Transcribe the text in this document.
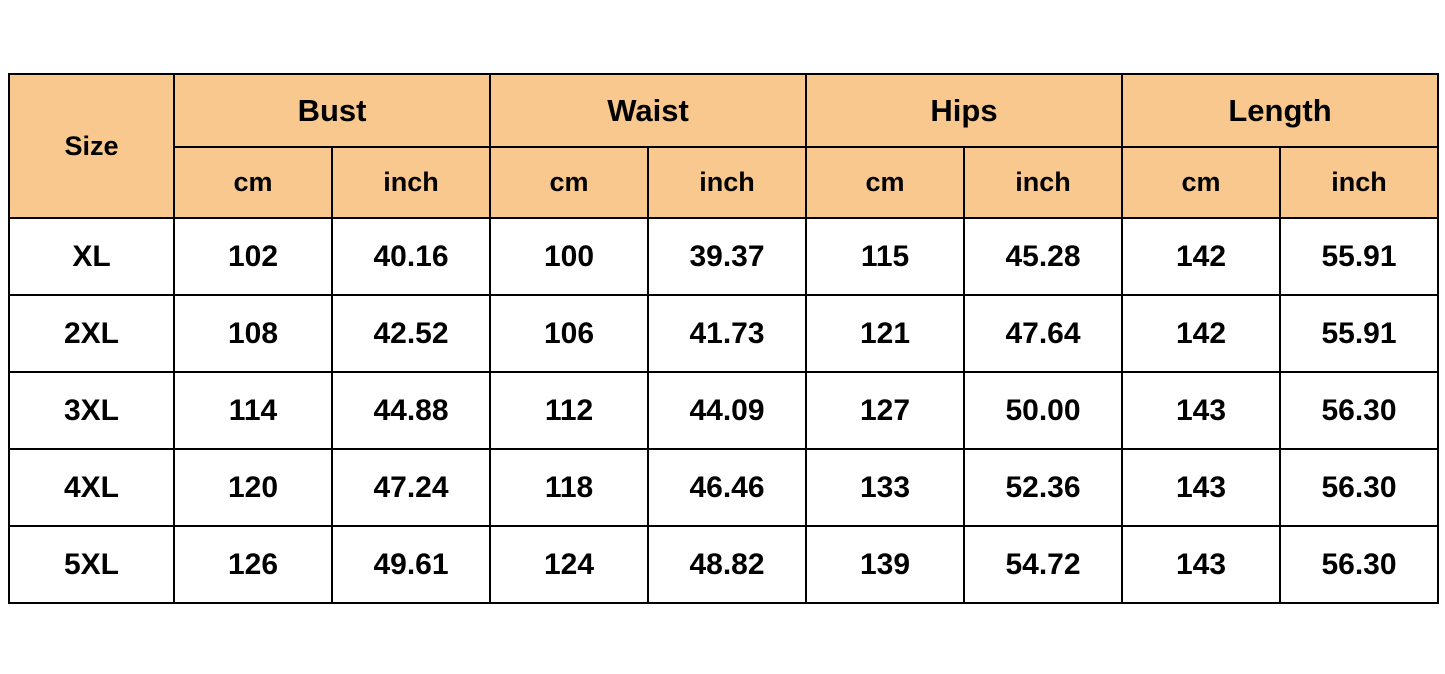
Size	Bust		Waist		Hips		Length	
	cm	inch	cm	inch	cm	inch	cm	inch
XL	102	40.16	100	39.37	115	45.28	142	55.91
2XL	108	42.52	106	41.73	121	47.64	142	55.91
3XL	114	44.88	112	44.09	127	50.00	143	56.30
4XL	120	47.24	118	46.46	133	52.36	143	56.30
5XL	126	49.61	124	48.82	139	54.72	143	56.30
